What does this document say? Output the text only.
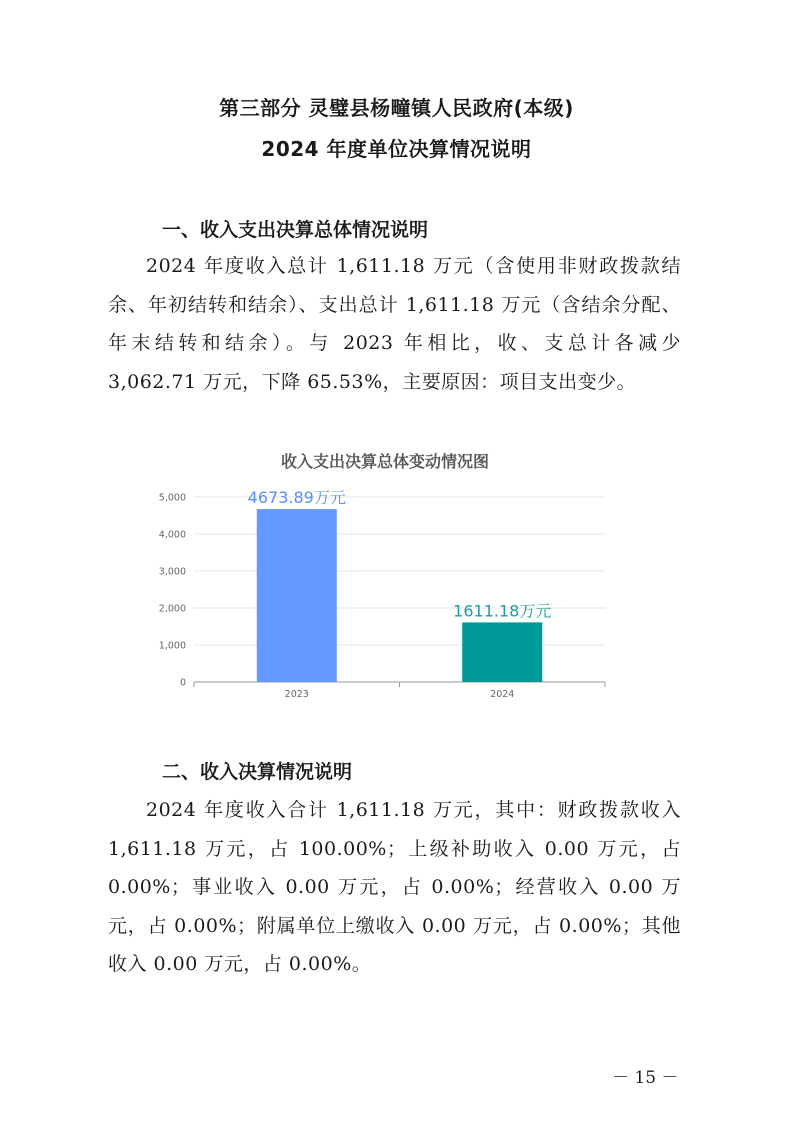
第三部分 灵璧县杨疃镇人民政府(本级)
2024 年度单位决算情况说明
一、收入支出决算总体情况说明
2024 年度收入总计 1,611.18 万元（含使用非财政拨款结余、年初结转和结余）、支出总计 1,611.18 万元（含结余分配、年末结转和结余）。与 2023 年相比，收、支总计各减少 3,062.71 万元，下降 65.53%，主要原因：项目支出变少。
收入支出决算总体变动情况图
0
1,000
2,000
3,000
4,000
5,000
2023
4673.89万元
2024
1611.18万元
二、收入决算情况说明
2024 年度收入合计 1,611.18 万元，其中：财政拨款收入 1,611.18 万元，占 100.00%；上级补助收入 0.00 万元，占 0.00%；事业收入 0.00 万元，占 0.00%；经营收入 0.00 万元，占 0.00%；附属单位上缴收入 0.00 万元，占 0.00%；其他收入 0.00 万元，占 0.00%。
－ 15 －
